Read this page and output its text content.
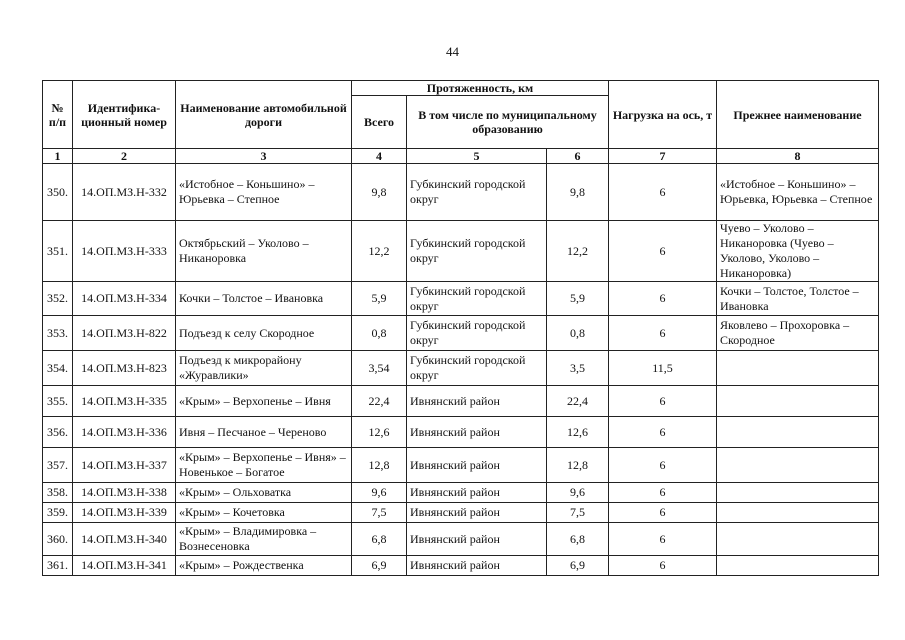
44
№ п/п	Идентифика- ционный номер	Наименование автомобильной дороги	Протяженность, км			Нагрузка на ось, т	Прежнее наименование
			Всего	В том числе по муниципальному образованию			
1	2	3	4	5	6	7	8
350.	14.ОП.МЗ.Н-332	«Истобное – Коньшино» – Юрьевка – Степное	9,8	Губкинский городской округ	9,8	6	«Истобное – Коньшино» – Юрьевка, Юрьевка – Степное
351.	14.ОП.МЗ.Н-333	Октябрьский – Уколово – Никаноровка	12,2	Губкинский городской округ	12,2	6	Чуево – Уколово – Никаноровка (Чуево – Уколово, Уколово – Никаноровка)
352.	14.ОП.МЗ.Н-334	Кочки – Толстое – Ивановка	5,9	Губкинский городской округ	5,9	6	Кочки – Толстое, Толстое – Ивановка
353.	14.ОП.МЗ.Н-822	Подъезд к селу Скородное	0,8	Губкинский городской округ	0,8	6	Яковлево – Прохоровка – Скородное
354.	14.ОП.МЗ.Н-823	Подъезд к микрорайону «Журавлики»	3,54	Губкинский городской округ	3,5	11,5	
355.	14.ОП.МЗ.Н-335	«Крым» – Верхопенье – Ивня	22,4	Ивнянский район	22,4	6	
356.	14.ОП.МЗ.Н-336	Ивня – Песчаное – Череново	12,6	Ивнянский район	12,6	6	
357.	14.ОП.МЗ.Н-337	«Крым» – Верхопенье – Ивня» – Новенькое – Богатое	12,8	Ивнянский район	12,8	6	
358.	14.ОП.МЗ.Н-338	«Крым» – Ольховатка	9,6	Ивнянский район	9,6	6	
359.	14.ОП.МЗ.Н-339	«Крым» – Кочетовка	7,5	Ивнянский район	7,5	6	
360.	14.ОП.МЗ.Н-340	«Крым» – Владимировка – Вознесеновка	6,8	Ивнянский район	6,8	6	
361.	14.ОП.МЗ.Н-341	«Крым» – Рождественка	6,9	Ивнянский район	6,9	6	
